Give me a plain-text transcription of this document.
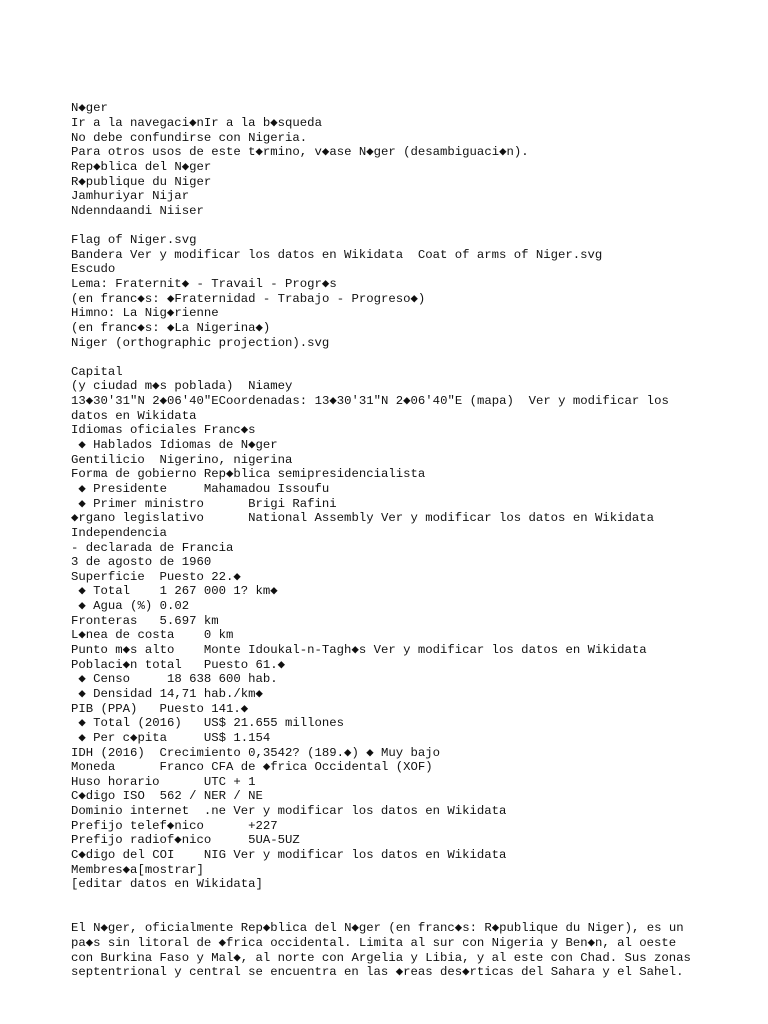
N◆ger
Ir a la navegaci◆nIr a la b◆squeda
No debe confundirse con Nigeria.
Para otros usos de este t◆rmino, v◆ase N◆ger (desambiguaci◆n).
Rep◆blica del N◆ger
R◆publique du Niger
Jamhuriyar Nijar
Ndenndaandi Niiser

Flag of Niger.svg
Bandera Ver y modificar los datos en Wikidata  Coat of arms of Niger.svg
Escudo
Lema: Fraternit◆ - Travail - Progr◆s
(en franc◆s: ◆Fraternidad - Trabajo - Progreso◆)
Himno: La Nig◆rienne
(en franc◆s: ◆La Nigerina◆)
Niger (orthographic projection).svg

Capital
(y ciudad m◆s poblada)  Niamey
13◆30′31″N 2◆06′40″ECoordenadas: 13◆30′31″N 2◆06′40″E (mapa)  Ver y modificar los
datos en Wikidata
Idiomas oficiales Franc◆s
◆ Hablados Idiomas de N◆ger
Gentilicio  Nigerino, nigerina
Forma de gobierno Rep◆blica semipresidencialista
◆ Presidente     Mahamadou Issoufu
◆ Primer ministro      Brigi Rafini
◆rgano legislativo      National Assembly Ver y modificar los datos en Wikidata
Independencia
- declarada de Francia
3 de agosto de 1960
Superficie  Puesto 22.◆
◆ Total    1 267 000 1? km◆
◆ Agua (%) 0.02
Fronteras   5.697 km
L◆nea de costa    0 km
Punto m◆s alto    Monte Idoukal-n-Tagh◆s Ver y modificar los datos en Wikidata
Poblaci◆n total   Puesto 61.◆
◆ Censo     18 638 600 hab.
◆ Densidad 14,71 hab./km◆
PIB (PPA)   Puesto 141.◆
◆ Total (2016)   US$ 21.655 millones
◆ Per c◆pita     US$ 1.154
IDH (2016)  Crecimiento 0,3542? (189.◆) ◆ Muy bajo
Moneda      Franco CFA de ◆frica Occidental (XOF)
Huso horario      UTC + 1
C◆digo ISO  562 / NER / NE
Dominio internet  .ne Ver y modificar los datos en Wikidata
Prefijo telef◆nico      +227
Prefijo radiof◆nico     5UA-5UZ
C◆digo del COI    NIG Ver y modificar los datos en Wikidata
Membres◆a[mostrar]
[editar datos en Wikidata]

El N◆ger, oficialmente Rep◆blica del N◆ger (en franc◆s: R◆publique du Niger), es un pa◆s sin litoral de ◆frica occidental. Limita al sur con Nigeria y Ben◆n, al oeste con Burkina Faso y Mal◆, al norte con Argelia y Libia, y al este con Chad. Sus zonas septentrional y central se encuentra en las ◆reas des◆rticas del Sahara y el Sahel.
